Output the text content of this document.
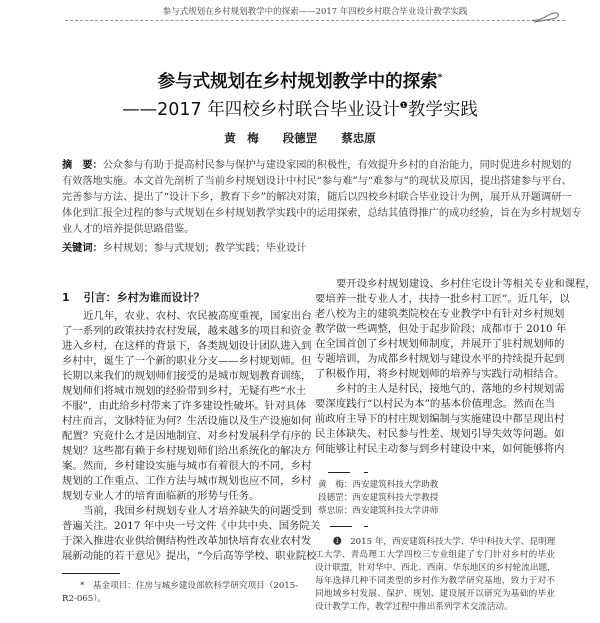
参与式规划在乡村规划教学中的探索——2017 年四校乡村联合毕业设计教学实践
参与式规划在乡村规划教学中的探索*
——2017 年四校乡村联合毕业设计$^❶$教学实践
黄　梅 段德罡 蔡忠原
摘　要：公众参与有助于提高村民参与保护与建设家园的积极性，有效提升乡村的自治能力，同时促进乡村规划的
有效落地实施。本文首先剖析了当前乡村规划设计中村民“参与难”与“难参与”的现状及原因，提出搭建参与平台、
完善参与方法、提出了“设计下乡，教育下乡”的解决对策，随后以四校乡村联合毕业设计为例，展开从开题调研一
体化到汇报全过程的参与式规划在乡村规划教学实践中的运用探索，总结其值得推广的成功经验，旨在为乡村规划专
业人才的培养提供思路借鉴。
关键词：乡村规划；参与式规划；教学实践；毕业设计
1 引言：乡村为谁而设计？
近几年，农业、农村、农民被高度重视，国家出台
了一系列的政策扶持农村发展，越来越多的项目和资金
进入乡村，在这样的背景下，各类规划设计团队进入到
乡村中，诞生了一个新的职业分支——乡村规划师。但
长期以来我们的规划师们接受的是城市规划教育训练，
规划师们将城市规划的经验带到乡村，无疑有些“水土
不服”，由此给乡村带来了许多建设性破坏。针对具体
村庄而言，文脉特征为何？生活设施以及生产设施如何
配置？究竟什么才是因地制宜、对乡村发展科学有序的
规划？这些都有赖于乡村规划师们给出系统化的解决方
案。然而，乡村建设实施与城市有着很大的不同，乡村
规划的工作重点、工作方法与城市规划也应不同，乡村
规划专业人才的培育面临新的形势与任务。
当前，我国乡村规划专业人才培养缺失的问题受到
普遍关注。2017 年中央一号文件《中共中央、国务院关
于深入推进农业供给侧结构性改革加快培育农业农村发
展新动能的若干意见》提出，“今后高等学校、职业院校
*　基金项目：住房与城乡建设部软科学研究项目（2015-
R2-065）。
要开设乡村规划建设、乡村住宅设计等相关专业和课程，
要培养一批专业人才，扶持一批乡村工匠”。近几年，以
老八校为主的建筑类院校在专业教学中有针对乡村规划
教学做一些调整，但处于起步阶段；成都市于 2010 年
在全国首创了乡村规划师制度，并展开了驻村规划师的
专题培训，为成都乡村规划与建设水平的持续提升起到
了积极作用，将乡村规划师的培养与实践行动相结合。
乡村的主人是村民，接地气的、落地的乡村规划需
要深度践行“以村民为本”的基本价值理念。然而在当
前政府主导下的村庄规划编制与实施建设中都呈现出村
民主体缺失、村民参与性差、规划引导失效等问题。如
何能够让村民主动参与到乡村建设中来，如何能够将内
黄　梅：西安建筑科技大学助教
段德罡：西安建筑科技大学教授
蔡忠原：西安建筑科技大学讲师
❶　2015 年，西安建筑科技大学、华中科技大学、昆明理
工大学、青岛理工大学四校三专业组建了专门针对乡村的毕业
设计联盟，针对华中、西北、西南、华东地区的乡村轮流出题，
每年选择几种不同类型的乡村作为教学研究基地，致力于对不
同地域乡村发展、保护、规划、建设展开以研究为基础的毕业
设计教学工作，教学过程中推出系列学术交流活动。
